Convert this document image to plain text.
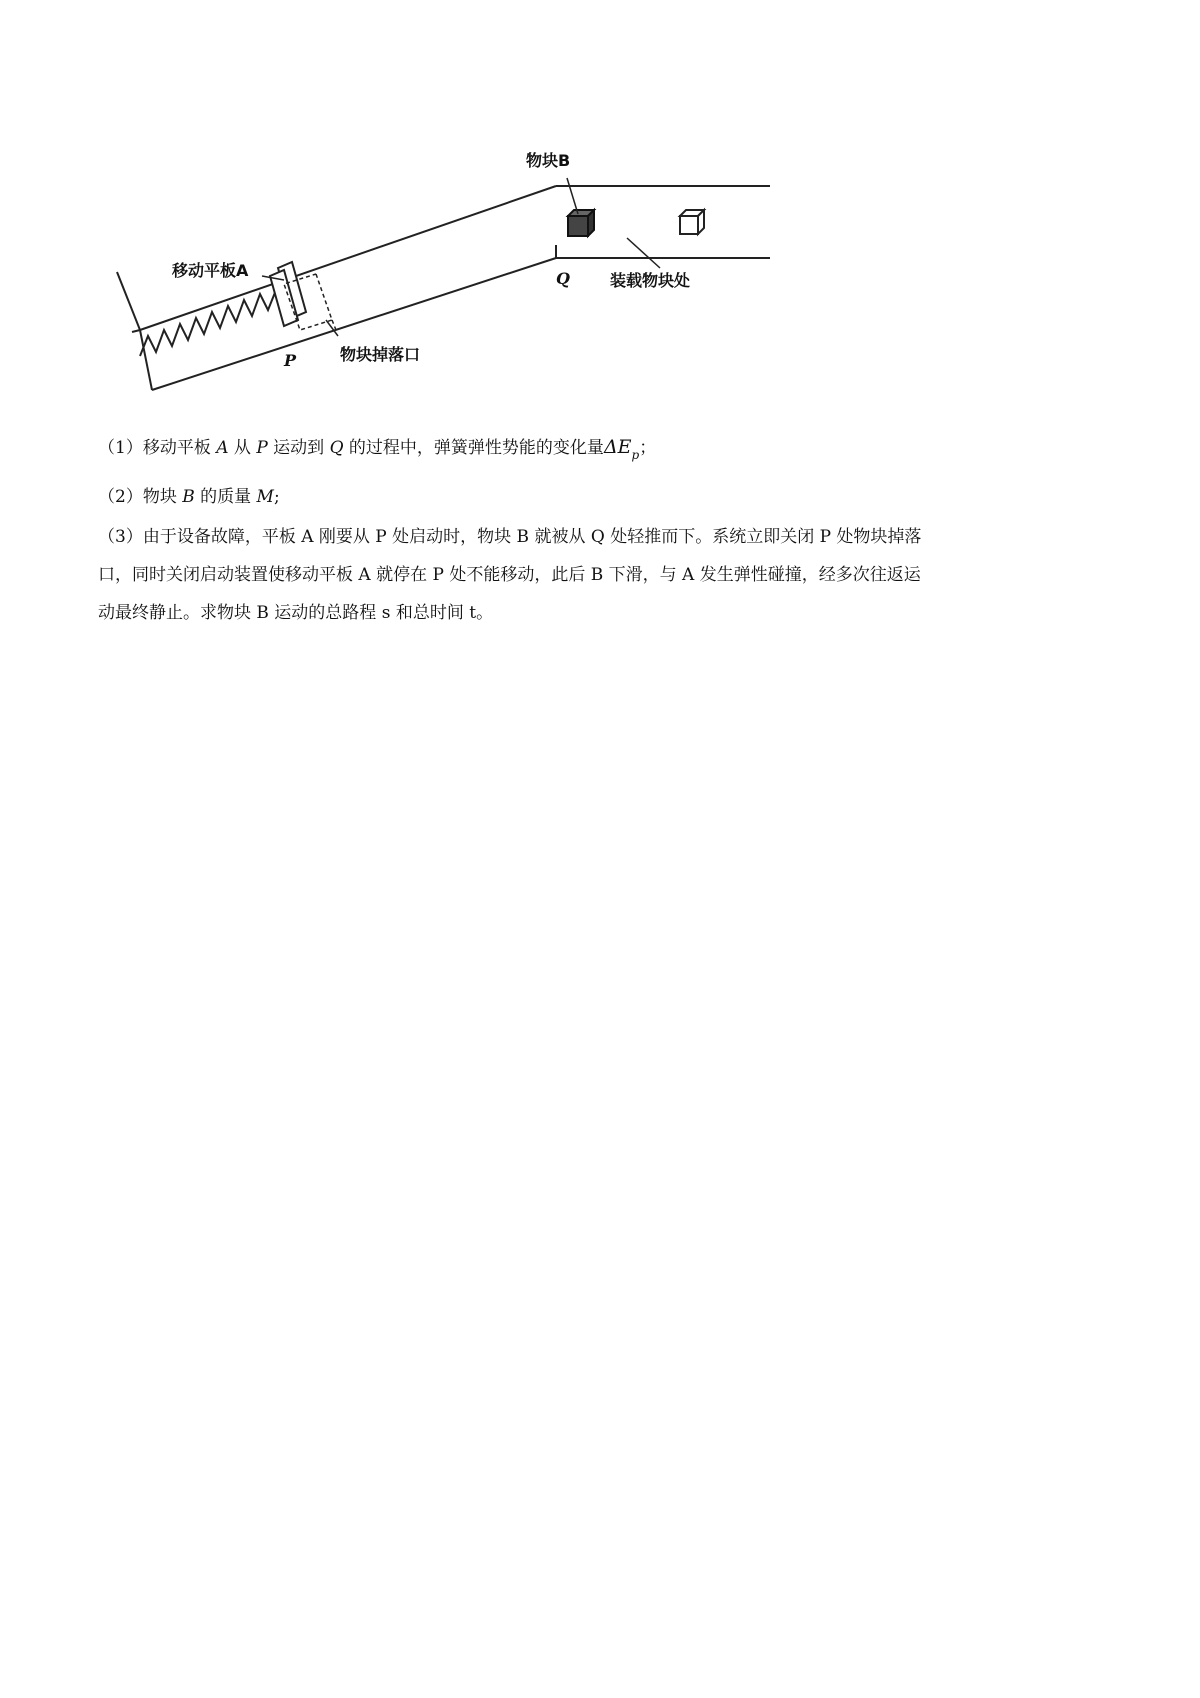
物块B
移动平板A
P
Q
物块掉落口
装载物块处

（1）移动平板 A 从 P 运动到 Q 的过程中，弹簧弹性势能的变化量$\Delta E_p$；

（2）物块 B 的质量 M;

（3）由于设备故障，平板 A 刚要从 P 处启动时，物块 B 就被从 Q 处轻推而下。系统立即关闭 P 处物块掉落

口，同时关闭启动装置使移动平板 A 就停在 P 处不能移动，此后 B 下滑，与 A 发生弹性碰撞，经多次往返运

动最终静止。求物块 B 运动的总路程 s 和总时间 t。
